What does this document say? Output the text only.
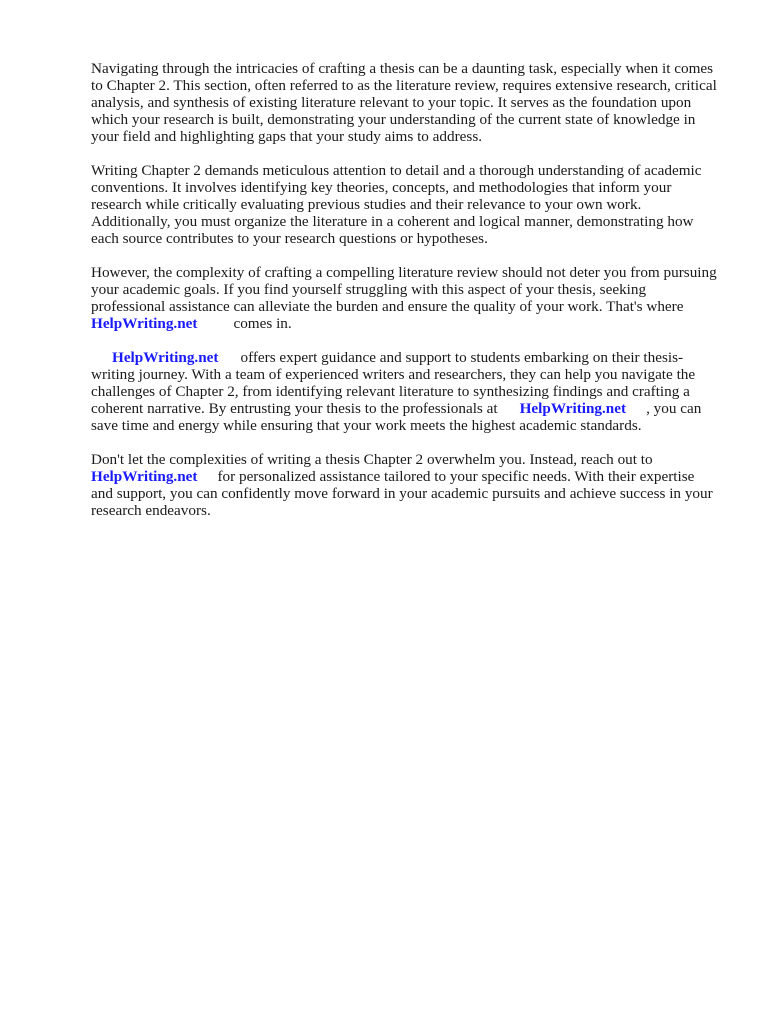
Navigating through the intricacies of crafting a thesis can be a daunting task, especially when it comes to Chapter 2. This section, often referred to as the literature review, requires extensive research, critical analysis, and synthesis of existing literature relevant to your topic. It serves as the foundation upon which your research is built, demonstrating your understanding of the current state of knowledge in your field and highlighting gaps that your study aims to address.

Writing Chapter 2 demands meticulous attention to detail and a thorough understanding of academic conventions. It involves identifying key theories, concepts, and methodologies that inform your research while critically evaluating previous studies and their relevance to your own work. Additionally, you must organize the literature in a coherent and logical manner, demonstrating how each source contributes to your research questions or hypotheses.

However, the complexity of crafting a compelling literature review should not deter you from pursuing your academic goals. If you find yourself struggling with this aspect of your thesis, seeking professional assistance can alleviate the burden and ensure the quality of your work. That's where HelpWriting.net comes in.

HelpWriting.net offers expert guidance and support to students embarking on their thesis-writing journey. With a team of experienced writers and researchers, they can help you navigate the challenges of Chapter 2, from identifying relevant literature to synthesizing findings and crafting a coherent narrative. By entrusting your thesis to the professionals at HelpWriting.net , you can save time and energy while ensuring that your work meets the highest academic standards.

Don't let the complexities of writing a thesis Chapter 2 overwhelm you. Instead, reach out to HelpWriting.net for personalized assistance tailored to your specific needs. With their expertise and support, you can confidently move forward in your academic pursuits and achieve success in your research endeavors.
